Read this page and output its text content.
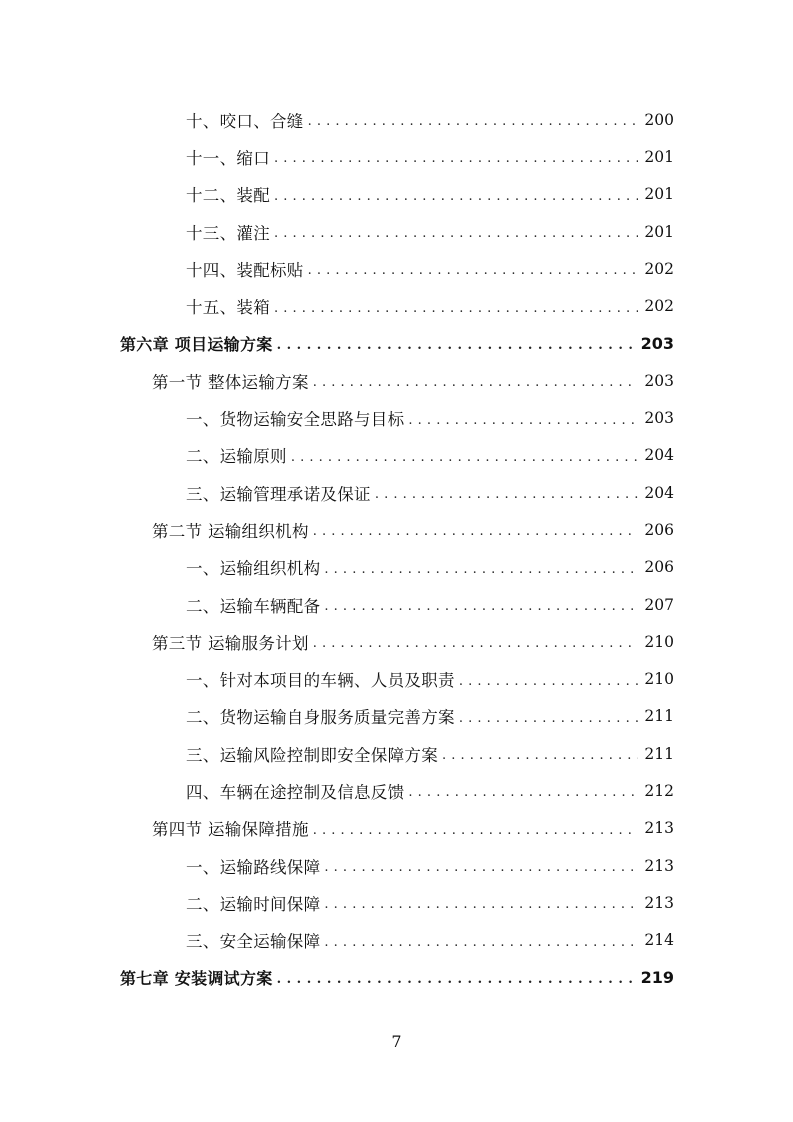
十、咬口、合缝 . . .	200
十一、缩口 . . .	201
十二、装配 . . .	201
十三、灌注 . . .	201
十四、装配标贴 . . .	202
十五、装箱 . . .	202
第六章 项目运输方案 . . .	203
第一节 整体运输方案 . . .	203
一、货物运输安全思路与目标 . . .	203
二、运输原则 . . .	204
三、运输管理承诺及保证 . . .	204
第二节 运输组织机构 . . .	206
一、运输组织机构 . . .	206
二、运输车辆配备 . . .	207
第三节 运输服务计划 . . .	210
一、针对本项目的车辆、人员及职责 . . .	210
二、货物运输自身服务质量完善方案 . . .	211
三、运输风险控制即安全保障方案 . . .	211
四、车辆在途控制及信息反馈 . . .	212
第四节 运输保障措施 . . .	213
一、运输路线保障 . . .	213
二、运输时间保障 . . .	213
三、安全运输保障 . . .	214
第七章 安装调试方案 . . .	219
7
